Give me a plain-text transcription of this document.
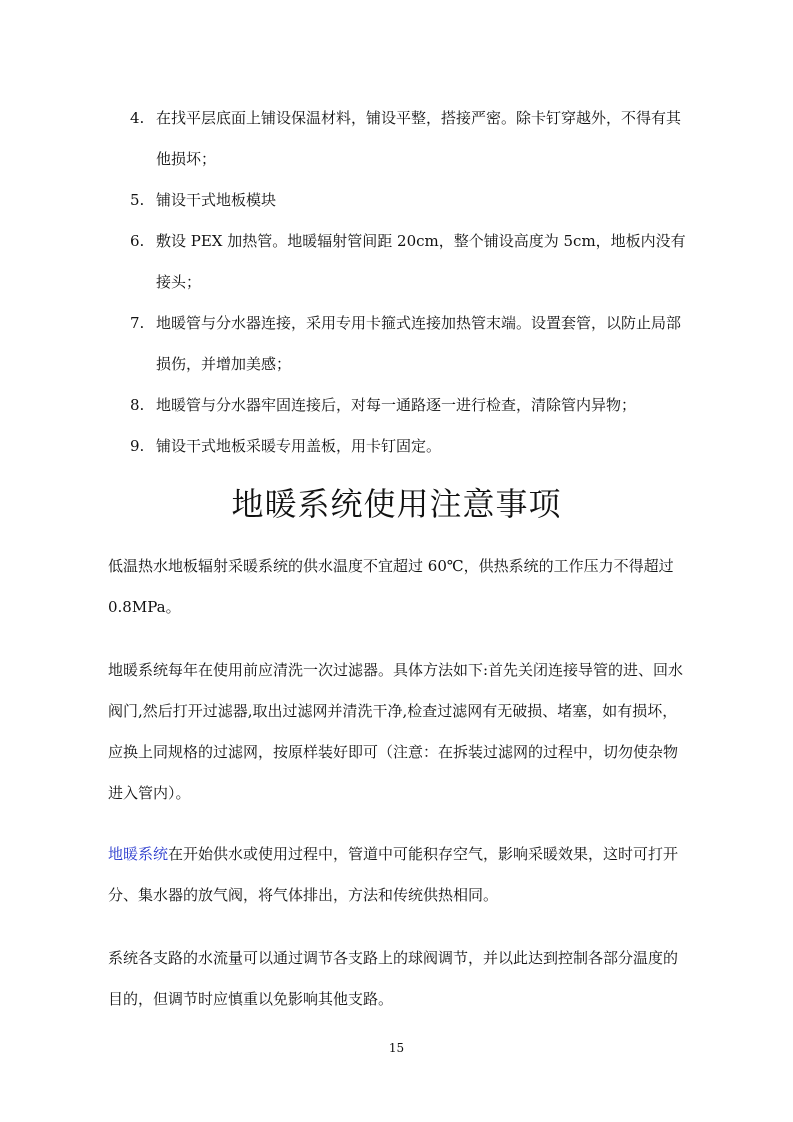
4. 在找平层底面上铺设保温材料，铺设平整，搭接严密。除卡钉穿越外，不得有其他损坏；
5. 铺设干式地板模块
6. 敷设 PEX 加热管。地暖辐射管间距 20cm，整个铺设高度为 5cm，地板内没有接头；
7. 地暖管与分水器连接，采用专用卡箍式连接加热管末端。设置套管，以防止局部损伤，并增加美感；
8. 地暖管与分水器牢固连接后，对每一通路逐一进行检查，清除管内异物；
9. 铺设干式地板采暖专用盖板，用卡钉固定。
地暖系统使用注意事项

低温热水地板辐射采暖系统的供水温度不宜超过 60℃，供热系统的工作压力不得超过 0.8MPa。

地暖系统每年在使用前应清洗一次过滤器。具体方法如下:首先关闭连接导管的进、回水阀门,然后打开过滤器,取出过滤网并清洗干净,检查过滤网有无破损、堵塞，如有损坏，应换上同规格的过滤网，按原样装好即可（注意：在拆装过滤网的过程中，切勿使杂物进入管内）。

地暖系统在开始供水或使用过程中，管道中可能积存空气，影响采暖效果，这时可打开分、集水器的放气阀，将气体排出，方法和传统供热相同。

系统各支路的水流量可以通过调节各支路上的球阀调节，并以此达到控制各部分温度的目的，但调节时应慎重以免影响其他支路。

15
